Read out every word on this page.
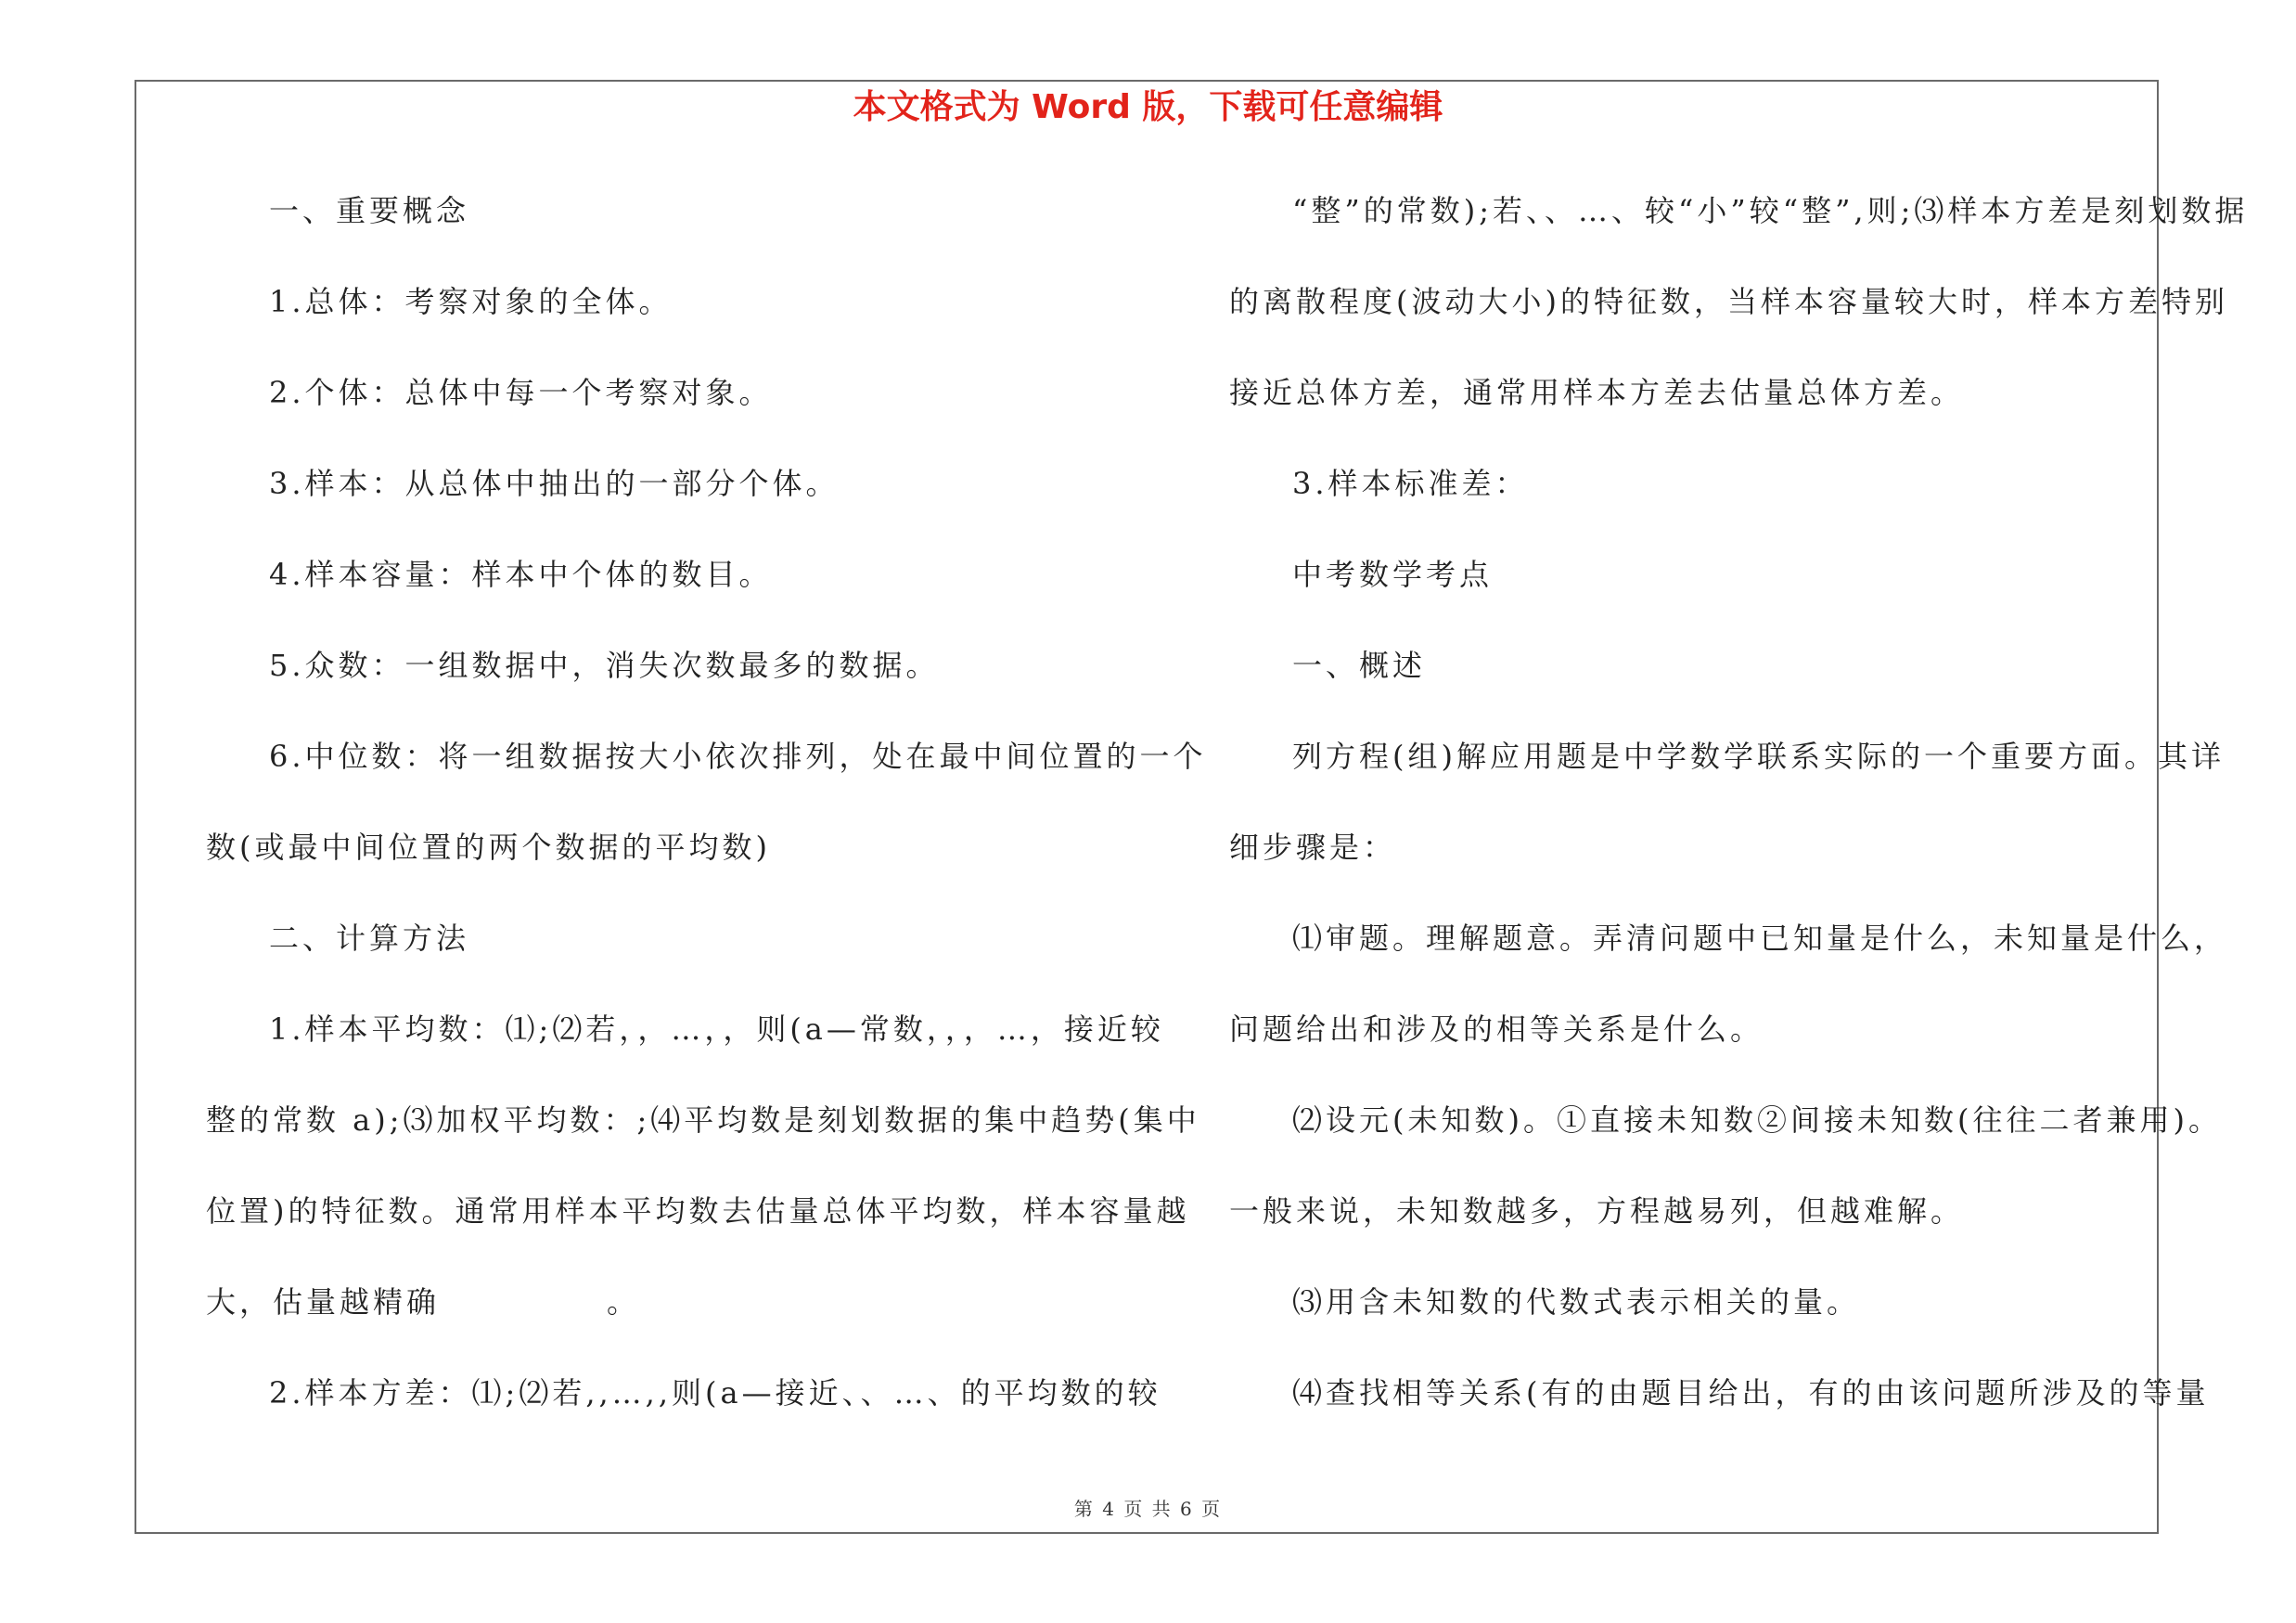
本文格式为 Word 版，下载可任意编辑

一、重要概念

1.总体：考察对象的全体。

2.个体：总体中每一个考察对象。

3.样本：从总体中抽出的一部分个体。

4.样本容量：样本中个体的数目。

5.众数：一组数据中，消失次数最多的数据。

6.中位数：将一组数据按大小依次排列，处在最中间位置的一个

数(或最中间位置的两个数据的平均数)

二、计算方法

1.样本平均数：⑴;⑵若，，…，，则(a—常数，，，…，接近较

整的常数 a);⑶加权平均数：;⑷平均数是刻划数据的集中趋势(集中

位置)的特征数。通常用样本平均数去估量总体平均数，样本容量越

大，估量越精确	。

2.样本方差：⑴;⑵若,,…,,则(a—接近、、…、的平均数的较

“整”的常数);若、、…、较“小”较“整”,则;⑶样本方差是刻划数据

的离散程度(波动大小)的特征数，当样本容量较大时，样本方差特别

接近总体方差，通常用样本方差去估量总体方差。

3.样本标准差：

中考数学考点

一、概述

列方程(组)解应用题是中学数学联系实际的一个重要方面。其详

细步骤是：

⑴审题。理解题意。弄清问题中已知量是什么，未知量是什么，

问题给出和涉及的相等关系是什么。

⑵设元(未知数)。①直接未知数②间接未知数(往往二者兼用)。

一般来说，未知数越多，方程越易列，但越难解。

⑶用含未知数的代数式表示相关的量。

⑷查找相等关系(有的由题目给出，有的由该问题所涉及的等量

第 4 页 共 6 页
